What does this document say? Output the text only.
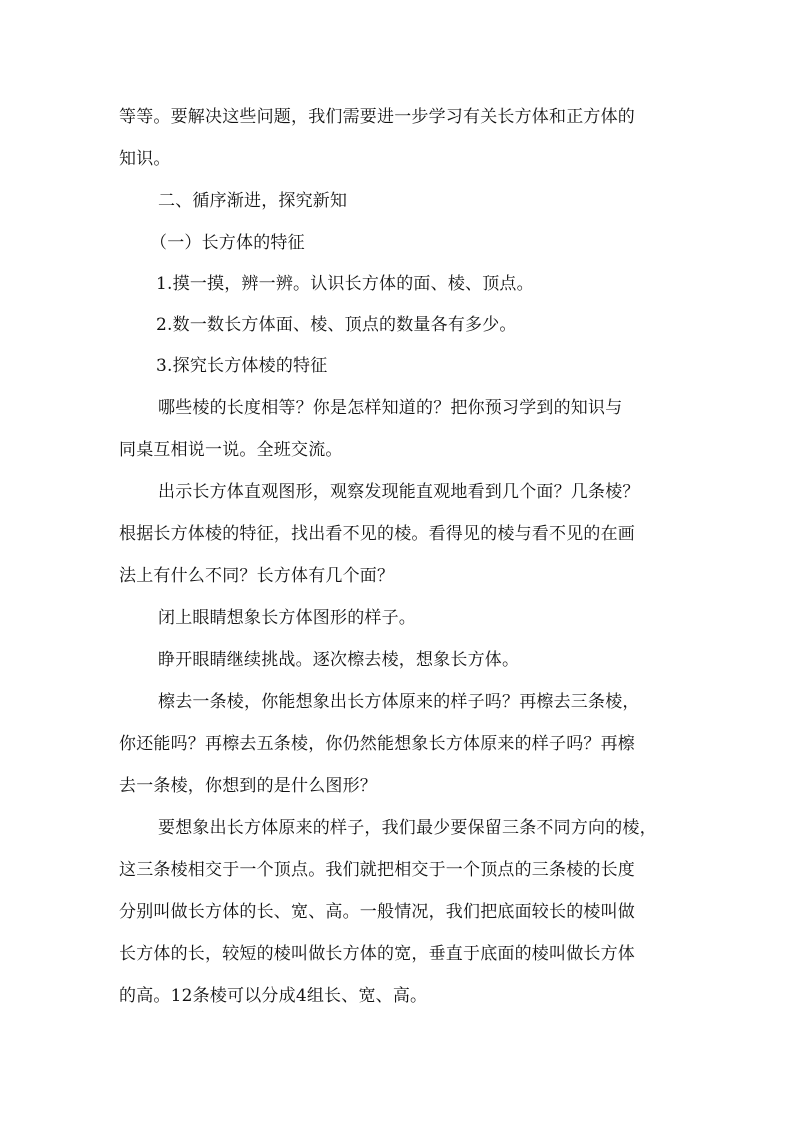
等等。要解决这些问题，我们需要进一步学习有关长方体和正方体的
知识。
二、循序渐进，探究新知
（一）长方体的特征
1.摸一摸，辨一辨。认识长方体的面、棱、顶点。
2.数一数长方体面、棱、顶点的数量各有多少。
3.探究长方体棱的特征
哪些棱的长度相等？你是怎样知道的？把你预习学到的知识与
同桌互相说一说。全班交流。
出示长方体直观图形，观察发现能直观地看到几个面？几条棱？
根据长方体棱的特征，找出看不见的棱。看得见的棱与看不见的在画
法上有什么不同？长方体有几个面？
闭上眼睛想象长方体图形的样子。
睁开眼睛继续挑战。逐次檫去棱，想象长方体。
檫去一条棱，你能想象出长方体原来的样子吗？再檫去三条棱，
你还能吗？再檫去五条棱，你仍然能想象长方体原来的样子吗？再檫
去一条棱，你想到的是什么图形？
要想象出长方体原来的样子，我们最少要保留三条不同方向的棱，
这三条棱相交于一个顶点。我们就把相交于一个顶点的三条棱的长度
分别叫做长方体的长、宽、高。一般情况，我们把底面较长的棱叫做
长方体的长，较短的棱叫做长方体的宽，垂直于底面的棱叫做长方体
的高。12条棱可以分成4组长、宽、高。
